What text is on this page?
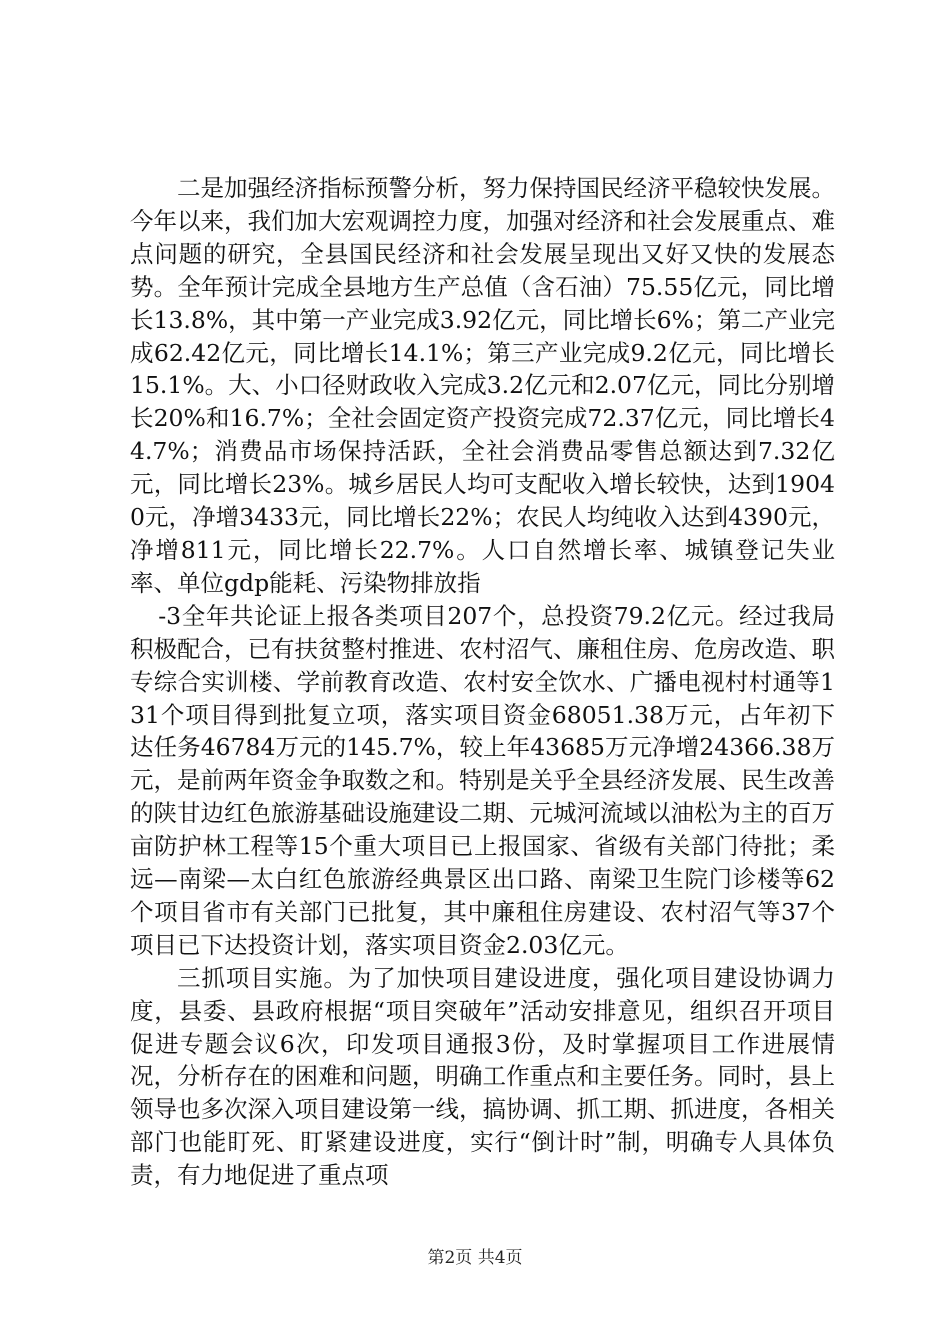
二是加强经济指标预警分析，努力保持国民经济平稳较快发展。今年以来，我们加大宏观调控力度，加强对经济和社会发展重点、难点问题的研究，全县国民经济和社会发展呈现出又好又快的发展态势。全年预计完成全县地方生产总值（含石油）75.55亿元，同比增长13.8%，其中第一产业完成3.92亿元，同比增长6%；第二产业完成62.42亿元，同比增长14.1%；第三产业完成9.2亿元，同比增长15.1%。大、小口径财政收入完成3.2亿元和2.07亿元，同比分别增长20%和16.7%；全社会固定资产投资完成72.37亿元，同比增长44.7%；消费品市场保持活跃，全社会消费品零售总额达到7.32亿元，同比增长23%。城乡居民人均可支配收入增长较快，达到19040元，净增3433元，同比增长22%；农民人均纯收入达到4390元，净增811元，同比增长22.7%。人口自然增长率、城镇登记失业率、单位gdp能耗、污染物排放指

-3全年共论证上报各类项目207个，总投资79.2亿元。经过我局积极配合，已有扶贫整村推进、农村沼气、廉租住房、危房改造、职专综合实训楼、学前教育改造、农村安全饮水、广播电视村村通等131个项目得到批复立项，落实项目资金68051.38万元，占年初下达任务46784万元的145.7%，较上年43685万元净增24366.38万元，是前两年资金争取数之和。特别是关乎全县经济发展、民生改善的陕甘边红色旅游基础设施建设二期、元城河流域以油松为主的百万亩防护林工程等15个重大项目已上报国家、省级有关部门待批；柔远—南梁—太白红色旅游经典景区出口路、南梁卫生院门诊楼等62个项目省市有关部门已批复，其中廉租住房建设、农村沼气等37个项目已下达投资计划，落实项目资金2.03亿元。

三抓项目实施。为了加快项目建设进度，强化项目建设协调力度，县委、县政府根据“项目突破年”活动安排意见，组织召开项目促进专题会议6次，印发项目通报3份，及时掌握项目工作进展情况，分析存在的困难和问题，明确工作重点和主要任务。同时，县上领导也多次深入项目建设第一线，搞协调、抓工期、抓进度，各相关部门也能盯死、盯紧建设进度，实行“倒计时”制，明确专人具体负责，有力地促进了重点项

第2页 共4页
